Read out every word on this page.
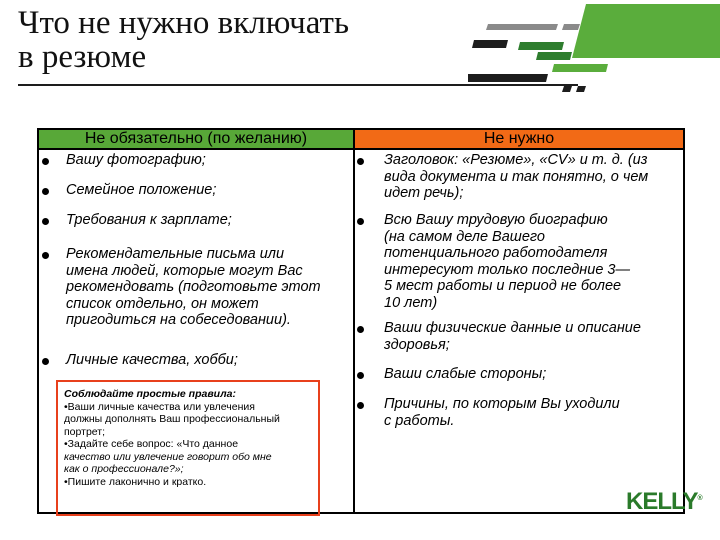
Что не нужно включать
в резюме
Не обязательно (по желанию)	Не нужно
Вашу фотографию;
Семейное положение;
Требования к зарплате;
Рекомендательные письма или
имена людей, которые могут Вас
рекомендовать (подготовьте этот
список отдельно, он может
пригодиться на собеседовании).
Личные качества, хобби;
Соблюдайте простые правила:
•Ваши личные качества или увлечения
должны дополнять Ваш профессиональный
портрет;
•Задайте себе вопрос: «Что данное
качество или увлечение говорит обо мне
как о профессионале?»;
•Пишите лаконично и кратко.
Заголовок: «Резюме», «CV» и т. д. (из
вида документа и так понятно, о чем
идет речь);
Всю Вашу трудовую биографию
(на самом деле Вашего
потенциального работодателя
интересуют только последние 3—
5 мест работы и период не более
10 лет)
Ваши физические данные и описание
здоровья;
Ваши слабые стороны;
Причины, по которым Вы уходили
с работы.
KELLY®
